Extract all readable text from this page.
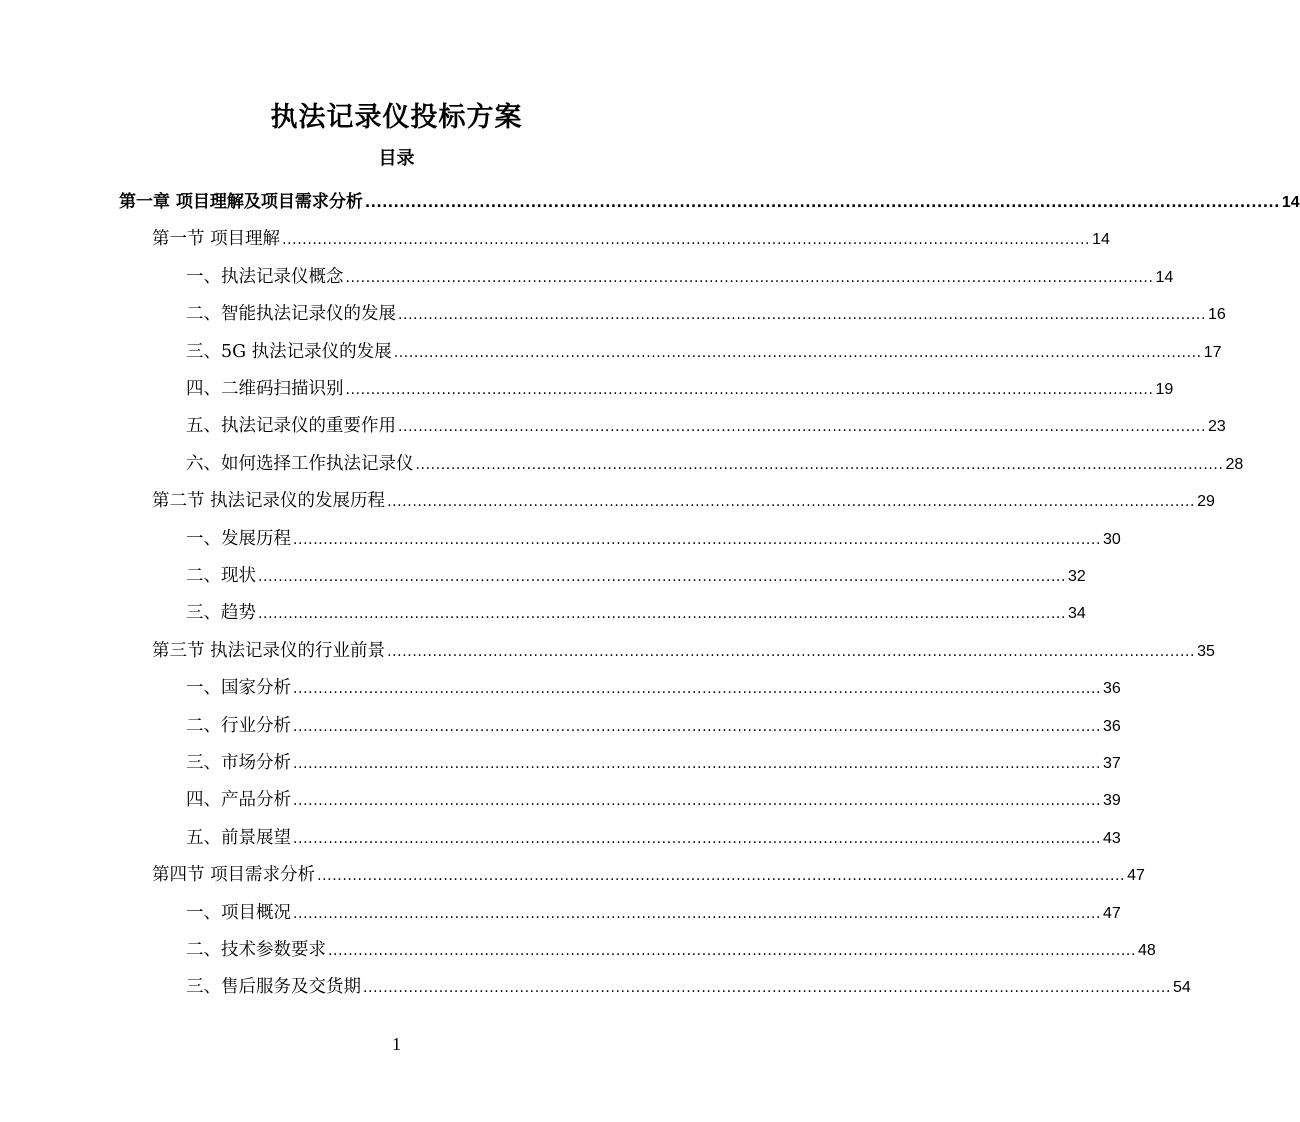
执法记录仪投标方案
目录
第一章 项目理解及项目需求分析 ................................................................................................................................................................ 14
第一节 项目理解 ................................................................................................................................................................ 14
一、执法记录仪概念 ................................................................................................................................................................ 14
二、智能执法记录仪的发展 ................................................................................................................................................................ 16
三、5G 执法记录仪的发展 ................................................................................................................................................................ 17
四、二维码扫描识别 ................................................................................................................................................................ 19
五、执法记录仪的重要作用 ................................................................................................................................................................ 23
六、如何选择工作执法记录仪 ................................................................................................................................................................ 28
第二节 执法记录仪的发展历程 ................................................................................................................................................................ 29
一、发展历程 ................................................................................................................................................................ 30
二、现状 ................................................................................................................................................................ 32
三、趋势 ................................................................................................................................................................ 34
第三节 执法记录仪的行业前景 ................................................................................................................................................................ 35
一、国家分析 ................................................................................................................................................................ 36
二、行业分析 ................................................................................................................................................................ 36
三、市场分析 ................................................................................................................................................................ 37
四、产品分析 ................................................................................................................................................................ 39
五、前景展望 ................................................................................................................................................................ 43
第四节 项目需求分析 ................................................................................................................................................................ 47
一、项目概况 ................................................................................................................................................................ 47
二、技术参数要求 ................................................................................................................................................................ 48
三、售后服务及交货期 ................................................................................................................................................................ 54
1
